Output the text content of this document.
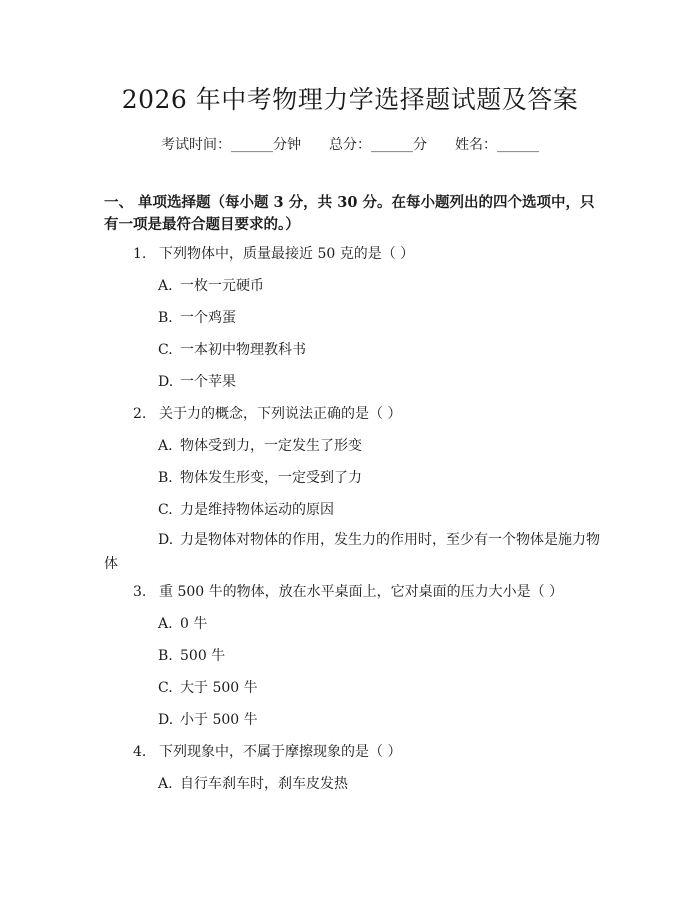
2026 年中考物理力学选择题试题及答案
考试时间：______分钟 总分：______分 姓名：______
一、 单项选择题（每小题 3 分，共 30 分。在每小题列出的四个选项中，只有一项是最符合题目要求的。）
1. 下列物体中，质量最接近 50 克的是（ ）
A. 一枚一元硬币
B. 一个鸡蛋
C. 一本初中物理教科书
D. 一个苹果
2. 关于力的概念，下列说法正确的是（ ）
A. 物体受到力，一定发生了形变
B. 物体发生形变，一定受到了力
C. 力是维持物体运动的原因
D. 力是物体对物体的作用，发生力的作用时，至少有一个物体是施力物体
3. 重 500 牛的物体，放在水平桌面上，它对桌面的压力大小是（ ）
A. 0 牛
B. 500 牛
C. 大于 500 牛
D. 小于 500 牛
4. 下列现象中，不属于摩擦现象的是（ ）
A. 自行车刹车时，刹车皮发热
